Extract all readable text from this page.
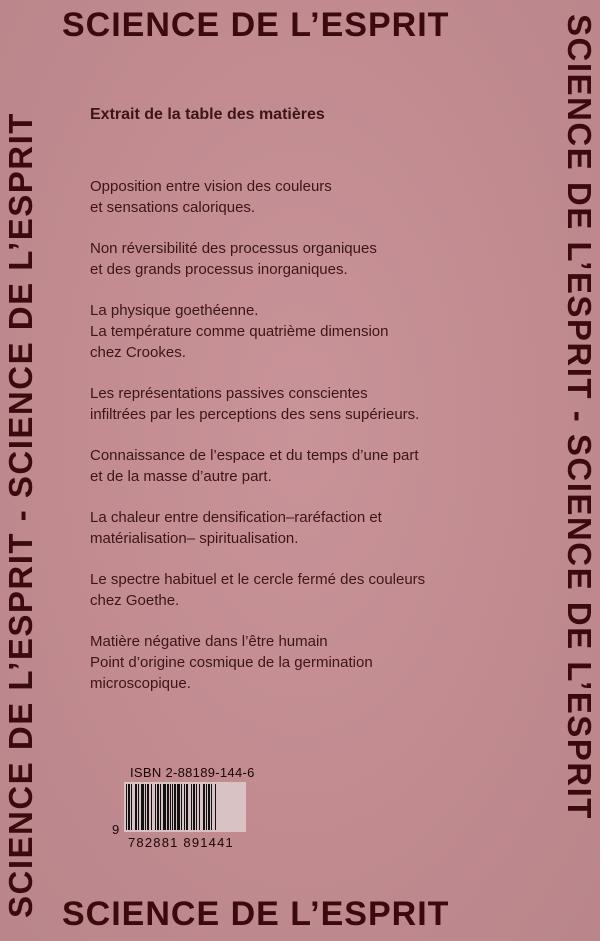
SCIENCE DE L’ESPRIT
SCIENCE DE L’ESPRIT
SCIENCE DE L’ESPRIT - SCIENCE DE L’ESPRIT	SCIENCE DE L’ESPRIT - SCIENCE DE L’ESPRIT
Extrait de la table des matières
Opposition entre vision des couleurs
et sensations caloriques.
Non réversibilité des processus organiques
et des grands processus inorganiques.
La physique goethéenne.
La température comme quatrième dimension
chez Crookes.
Les représentations passives conscientes
infiltrées par les perceptions des sens supérieurs.
Connaissance de l’espace et du temps d’une part
et de la masse d’autre part.
La chaleur entre densification–raréfaction et
matérialisation– spiritualisation.
Le spectre habituel et le cercle fermé des couleurs
chez Goethe.
Matière négative dans l’être humain
Point d’origine cosmique de la germination
microscopique.
ISBN 2-88189-144-6
9
782881 891441
